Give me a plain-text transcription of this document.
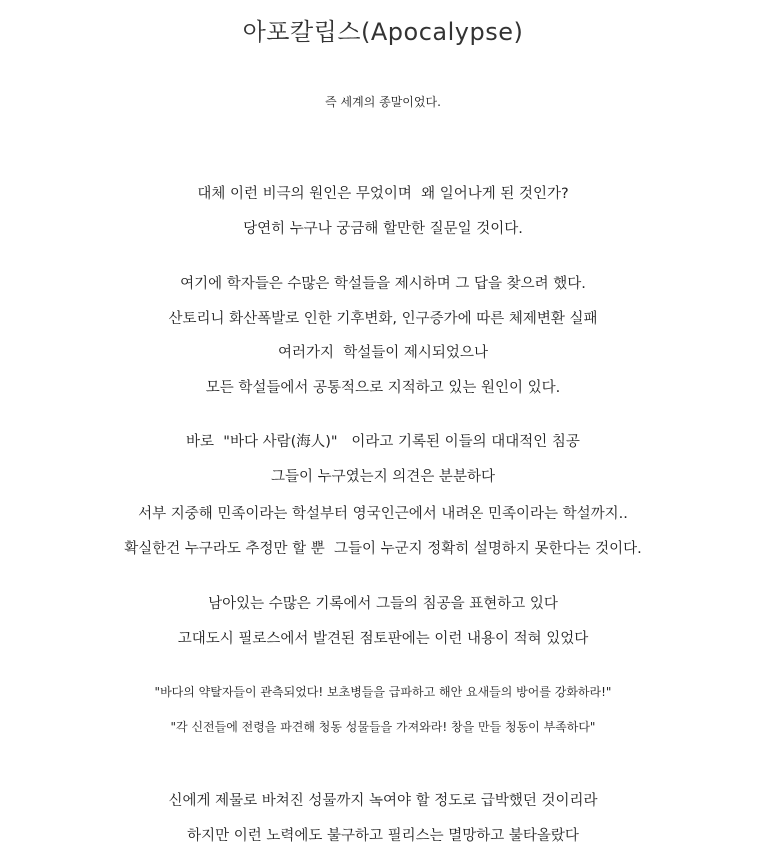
아포칼립스(Apocalypse)
즉 세계의 종말이었다.
대체 이런 비극의 원인은 무었이며  왜 일어나게 된 것인가?
당연히 누구나 궁금해 할만한 질문일 것이다.
여기에 학자들은 수많은 학설들을 제시하며 그 답을 찾으려 했다.
산토리니 화산폭발로 인한 기후변화, 인구증가에 따른 체제변환 실패
여러가지  학설들이 제시되었으나
모든 학설들에서 공통적으로 지적하고 있는 원인이 있다.
바로  "바다 사람(海人)"   이라고 기록된 이들의 대대적인 침공
그들이 누구였는지 의견은 분분하다
서부 지중해 민족이라는 학설부터 영국인근에서 내려온 민족이라는 학설까지..
확실한건 누구라도 추정만 할 뿐  그들이 누군지 정확히 설명하지 못한다는 것이다.
남아있는 수많은 기록에서 그들의 침공을 표현하고 있다
고대도시 필로스에서 발견된 점토판에는 이런 내용이 적혀 있었다
"바다의 약탈자들이 관측되었다! 보초병들을 급파하고 해안 요새들의 방어를 강화하라!"
"각 신전들에 전령을 파견해 청동 성물들을 가져와라! 창을 만들 청동이 부족하다"
신에게 제물로 바쳐진 성물까지 녹여야 할 정도로 급박했던 것이리라
하지만 이런 노력에도 불구하고 필리스는 멸망하고 불타올랐다
